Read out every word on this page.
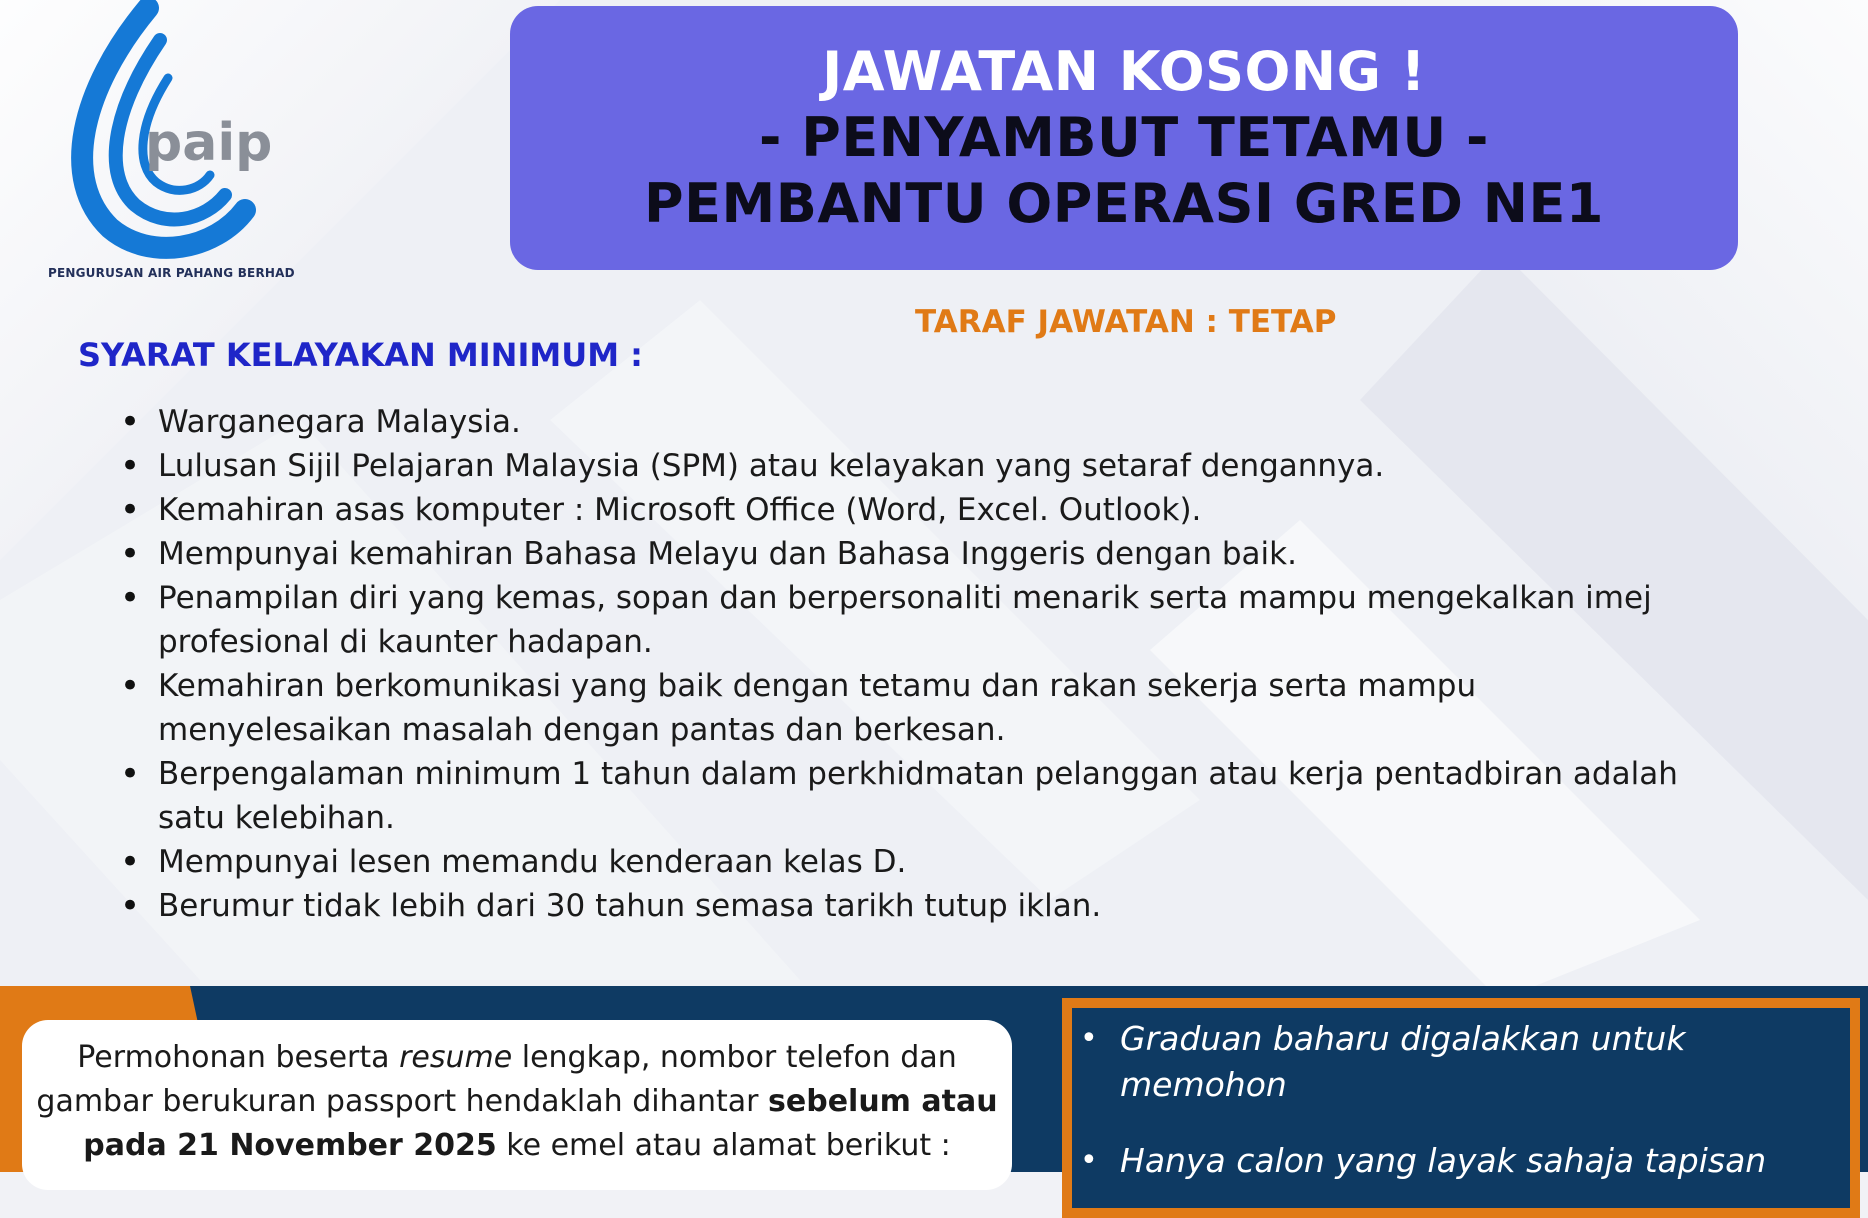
paip
PENGURUSAN AIR PAHANG BERHAD
JAWATAN KOSONG !
- PENYAMBUT TETAMU -
PEMBANTU OPERASI GRED NE1
TARAF JAWATAN : TETAP
SYARAT KELAYAKAN MINIMUM :
• Warganegara Malaysia.
• Lulusan Sijil Pelajaran Malaysia (SPM) atau kelayakan yang setaraf dengannya.
• Kemahiran asas komputer : Microsoft Office (Word, Excel. Outlook).
• Mempunyai kemahiran Bahasa Melayu dan Bahasa Inggeris dengan baik.
• Penampilan diri yang kemas, sopan dan berpersonaliti menarik serta mampu mengekalkan imej profesional di kaunter hadapan.
• Kemahiran berkomunikasi yang baik dengan tetamu dan rakan sekerja serta mampu menyelesaikan masalah dengan pantas dan berkesan.
• Berpengalaman minimum 1 tahun dalam perkhidmatan pelanggan atau kerja pentadbiran adalah satu kelebihan.
• Mempunyai lesen memandu kenderaan kelas D.
• Berumur tidak lebih dari 30 tahun semasa tarikh tutup iklan.
Permohonan beserta resume lengkap, nombor telefon dan gambar berukuran passport hendaklah dihantar sebelum atau pada 21 November 2025 ke emel atau alamat berikut :
• Graduan baharu digalakkan untuk memohon
• Hanya calon yang layak sahaja tapisan
